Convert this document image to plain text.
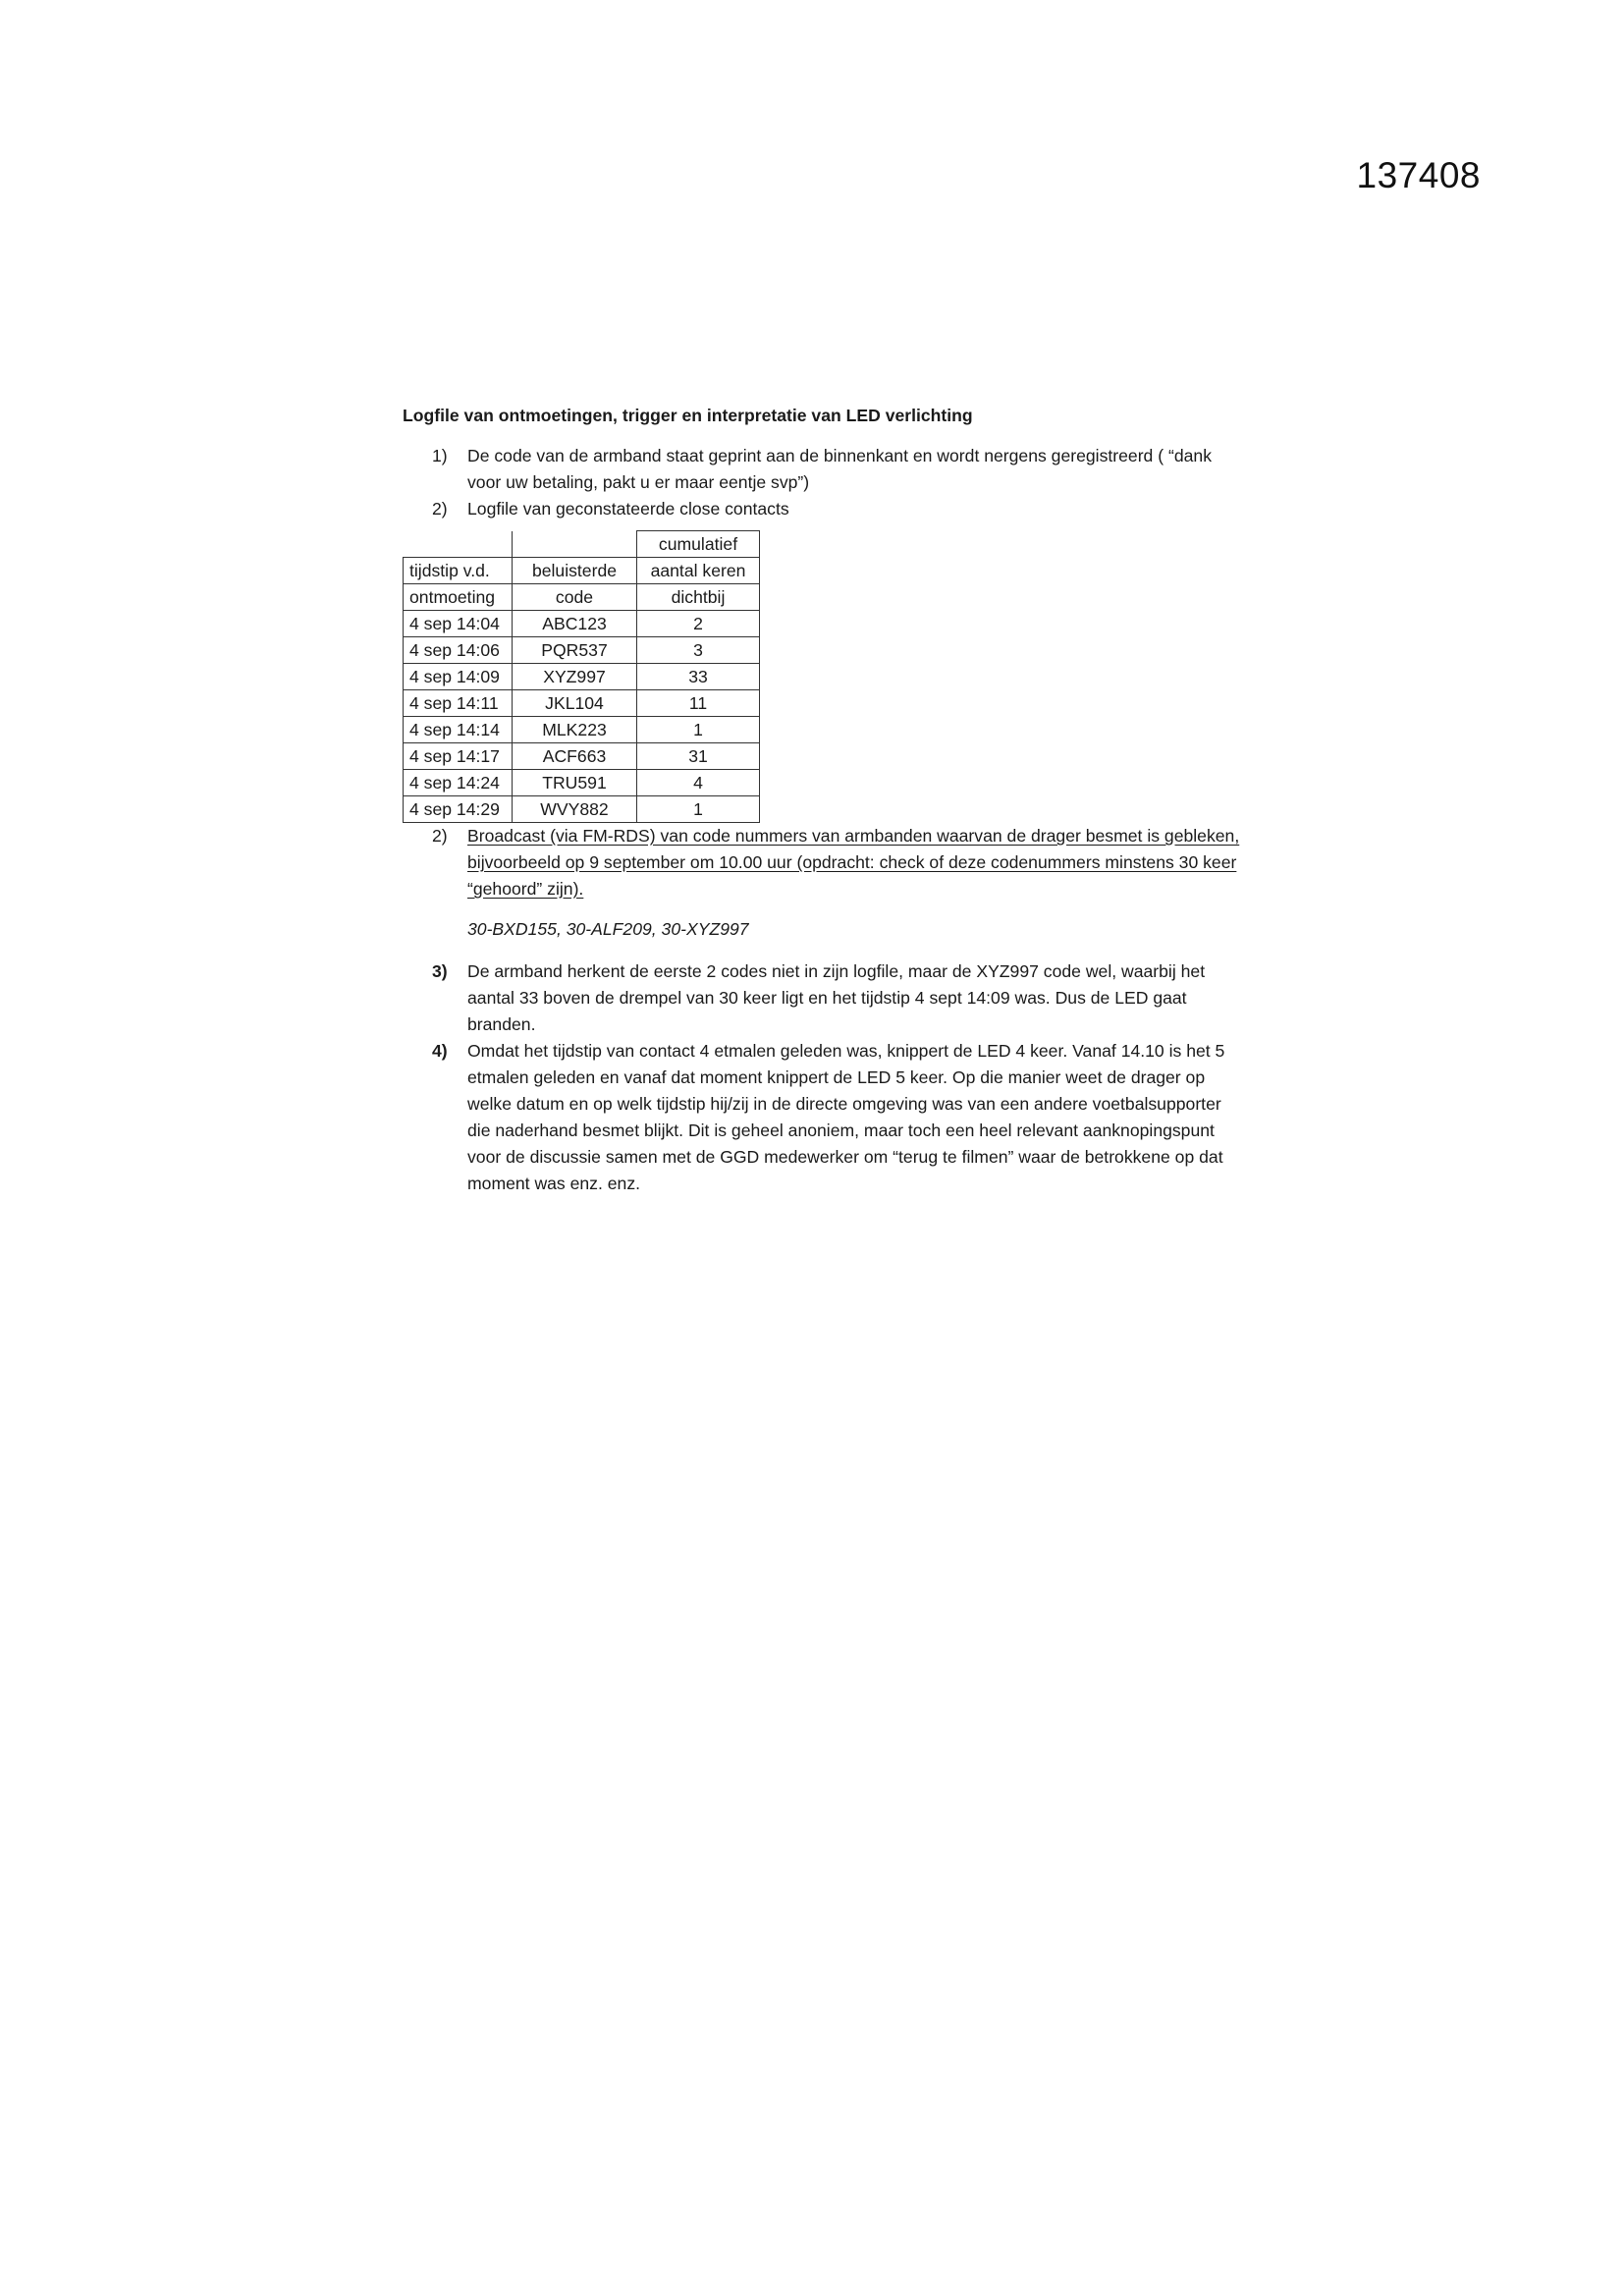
137408
Logfile van ontmoetingen, trigger en interpretatie van LED verlichting
1) De code van de armband staat geprint aan de binnenkant en wordt nergens geregistreerd ( “dank voor uw betaling, pakt u er maar eentje svp”)
2) Logfile van geconstateerde close contacts
		cumulatief
tijdstip v.d.	beluisterde	aantal keren
ontmoeting	code	dichtbij
4 sep 14:04	ABC123	2
4 sep 14:06	PQR537	3
4 sep 14:09	XYZ997	33
4 sep 14:11	JKL104	11
4 sep 14:14	MLK223	1
4 sep 14:17	ACF663	31
4 sep 14:24	TRU591	4
4 sep 14:29	WVY882	1
2) Broadcast (via FM-RDS) van code nummers van armbanden waarvan de drager besmet is gebleken, bijvoorbeeld op 9 september om 10.00 uur (opdracht: check of deze codenummers minstens 30 keer “gehoord” zijn).
30-BXD155, 30-ALF209, 30-XYZ997
3) De armband herkent de eerste 2 codes niet in zijn logfile, maar de XYZ997 code wel, waarbij het aantal 33 boven de drempel van 30 keer ligt en het tijdstip 4 sept 14:09 was. Dus de LED gaat branden.
4) Omdat het tijdstip van contact 4 etmalen geleden was, knippert de LED 4 keer. Vanaf 14.10 is het 5 etmalen geleden en vanaf dat moment knippert de LED 5 keer. Op die manier weet de drager op welke datum en op welk tijdstip hij/zij in de directe omgeving was van een andere voetbalsupporter die naderhand besmet blijkt. Dit is geheel anoniem, maar toch een heel relevant aanknopingspunt voor de discussie samen met de GGD medewerker om “terug te filmen” waar de betrokkene op dat moment was enz. enz.
